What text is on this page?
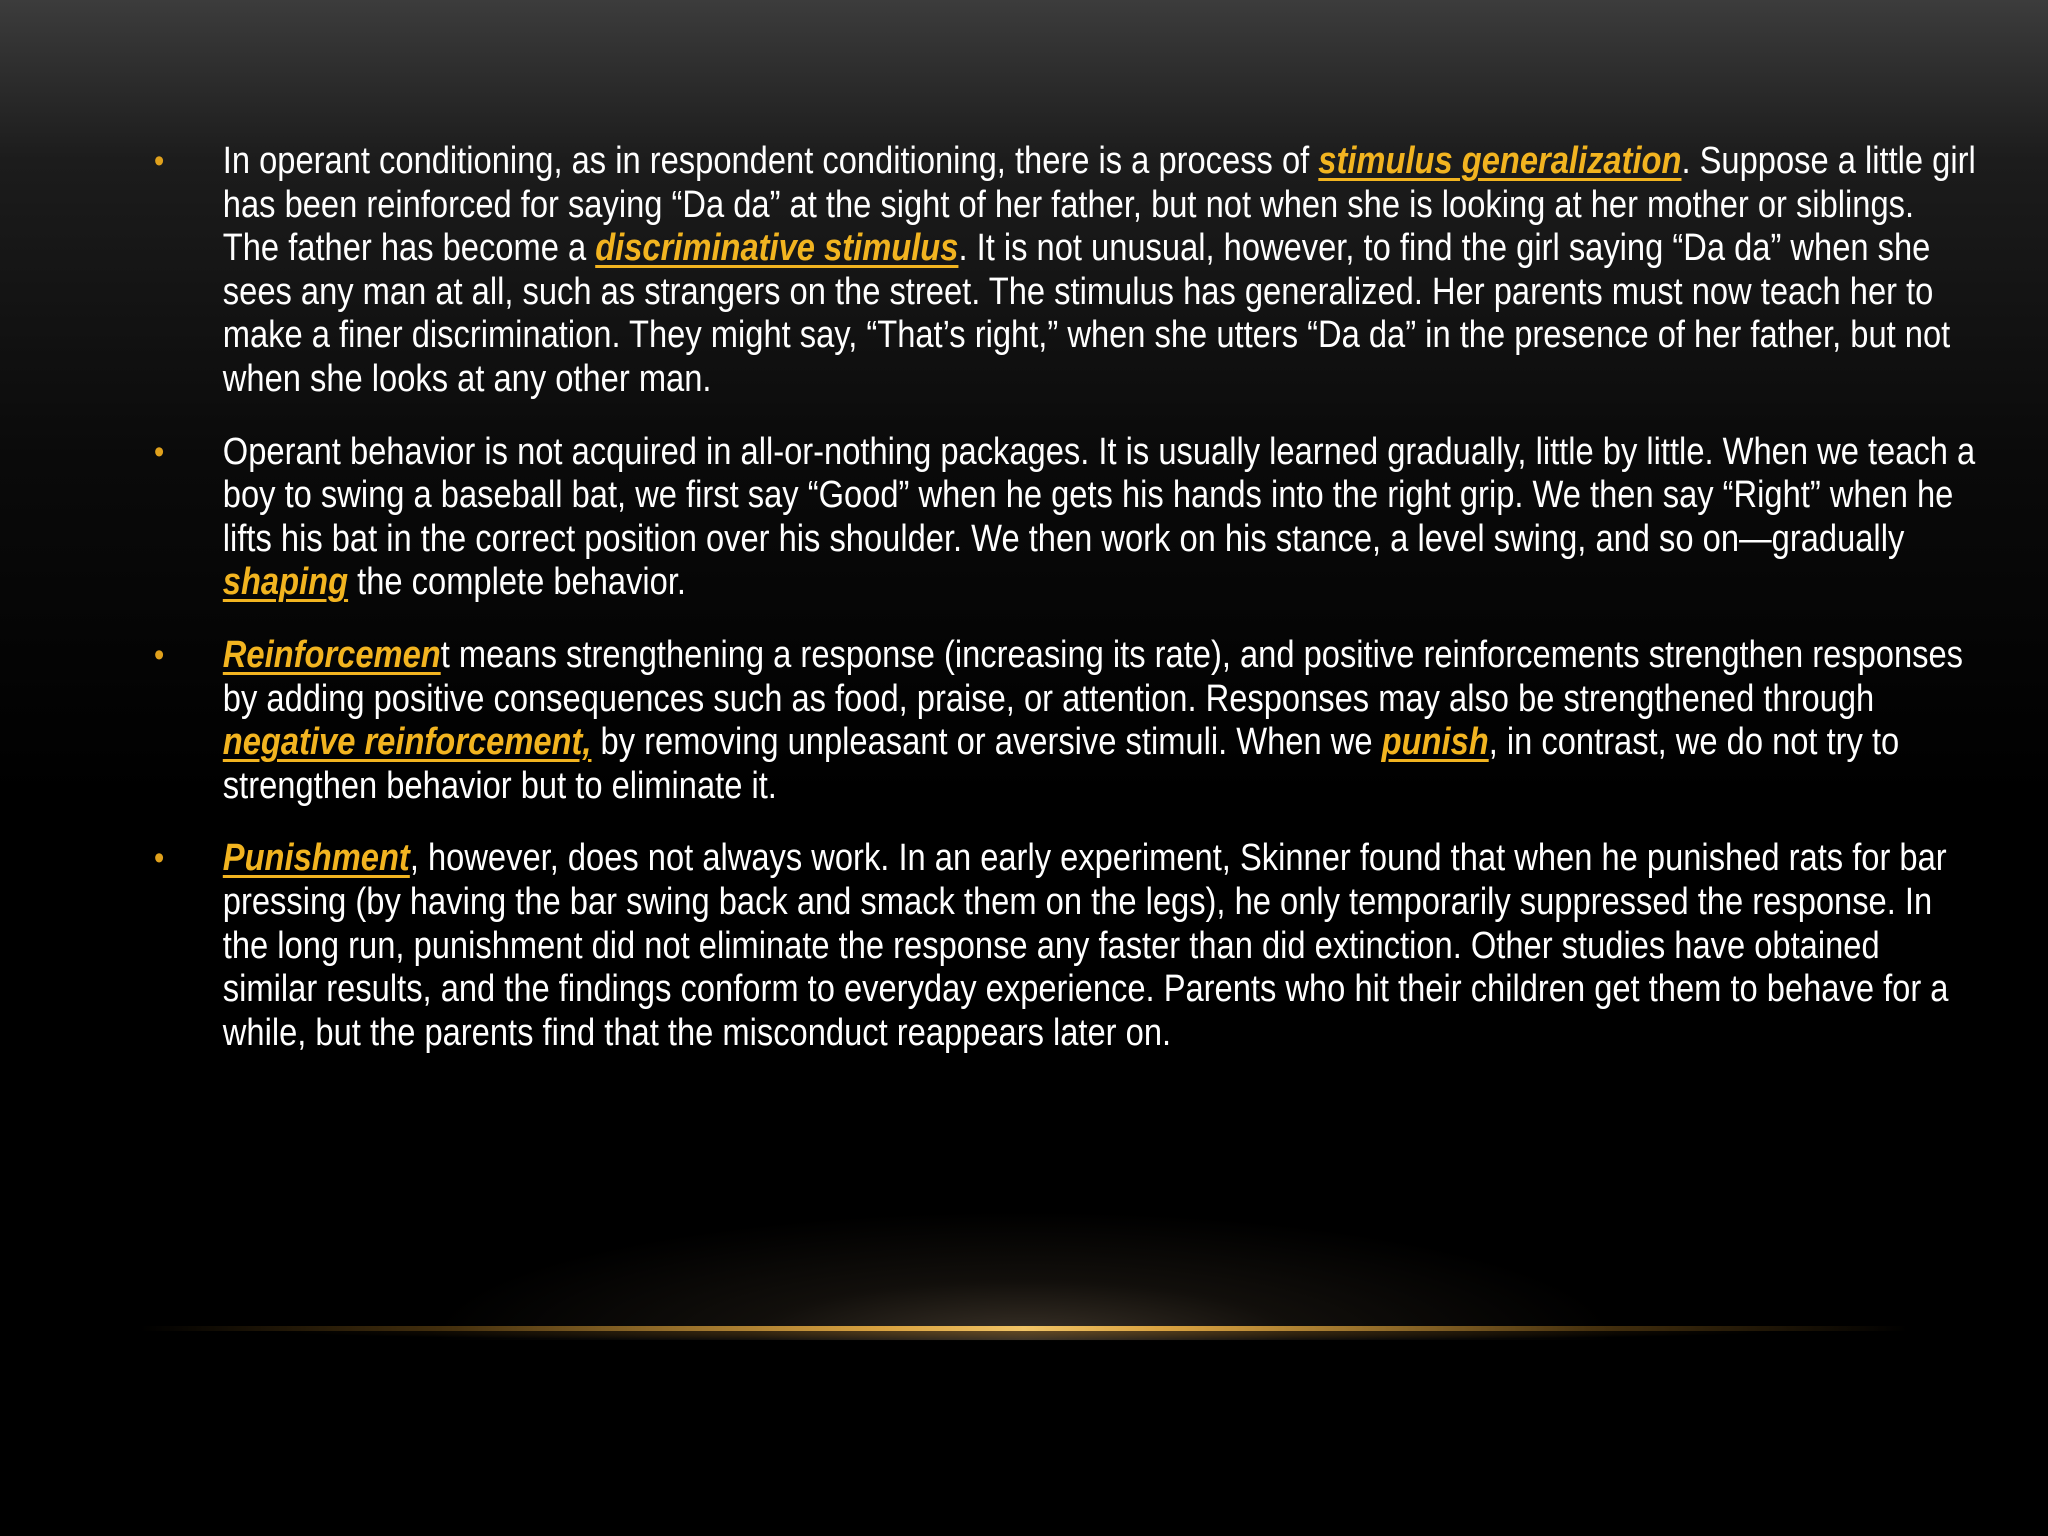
• In operant conditioning, as in respondent conditioning, there is a process of stimulus generalization. Suppose a little girl has been reinforced for saying “Da da” at the sight of her father, but not when she is looking at her mother or siblings. The father has become a discriminative stimulus. It is not unusual, however, to find the girl saying “Da da” when she sees any man at all, such as strangers on the street. The stimulus has generalized. Her parents must now teach her to make a finer discrimination. They might say, “That’s right,” when she utters “Da da” in the presence of her father, but not when she looks at any other man.
• Operant behavior is not acquired in all-or-nothing packages. It is usually learned gradually, little by little. When we teach a boy to swing a baseball bat, we first say “Good” when he gets his hands into the right grip. We then say “Right” when he lifts his bat in the correct position over his shoulder. We then work on his stance, a level swing, and so on—gradually shaping the complete behavior.
• Reinforcement means strengthening a response (increasing its rate), and positive reinforcements strengthen responses by adding positive consequences such as food, praise, or attention. Responses may also be strengthened through negative reinforcement, by removing unpleasant or aversive stimuli. When we punish, in contrast, we do not try to strengthen behavior but to eliminate it.
• Punishment, however, does not always work. In an early experiment, Skinner found that when he punished rats for bar pressing (by having the bar swing back and smack them on the legs), he only temporarily suppressed the response. In the long run, punishment did not eliminate the response any faster than did extinction. Other studies have obtained similar results, and the findings conform to everyday experience. Parents who hit their children get them to behave for a while, but the parents find that the misconduct reappears later on.
